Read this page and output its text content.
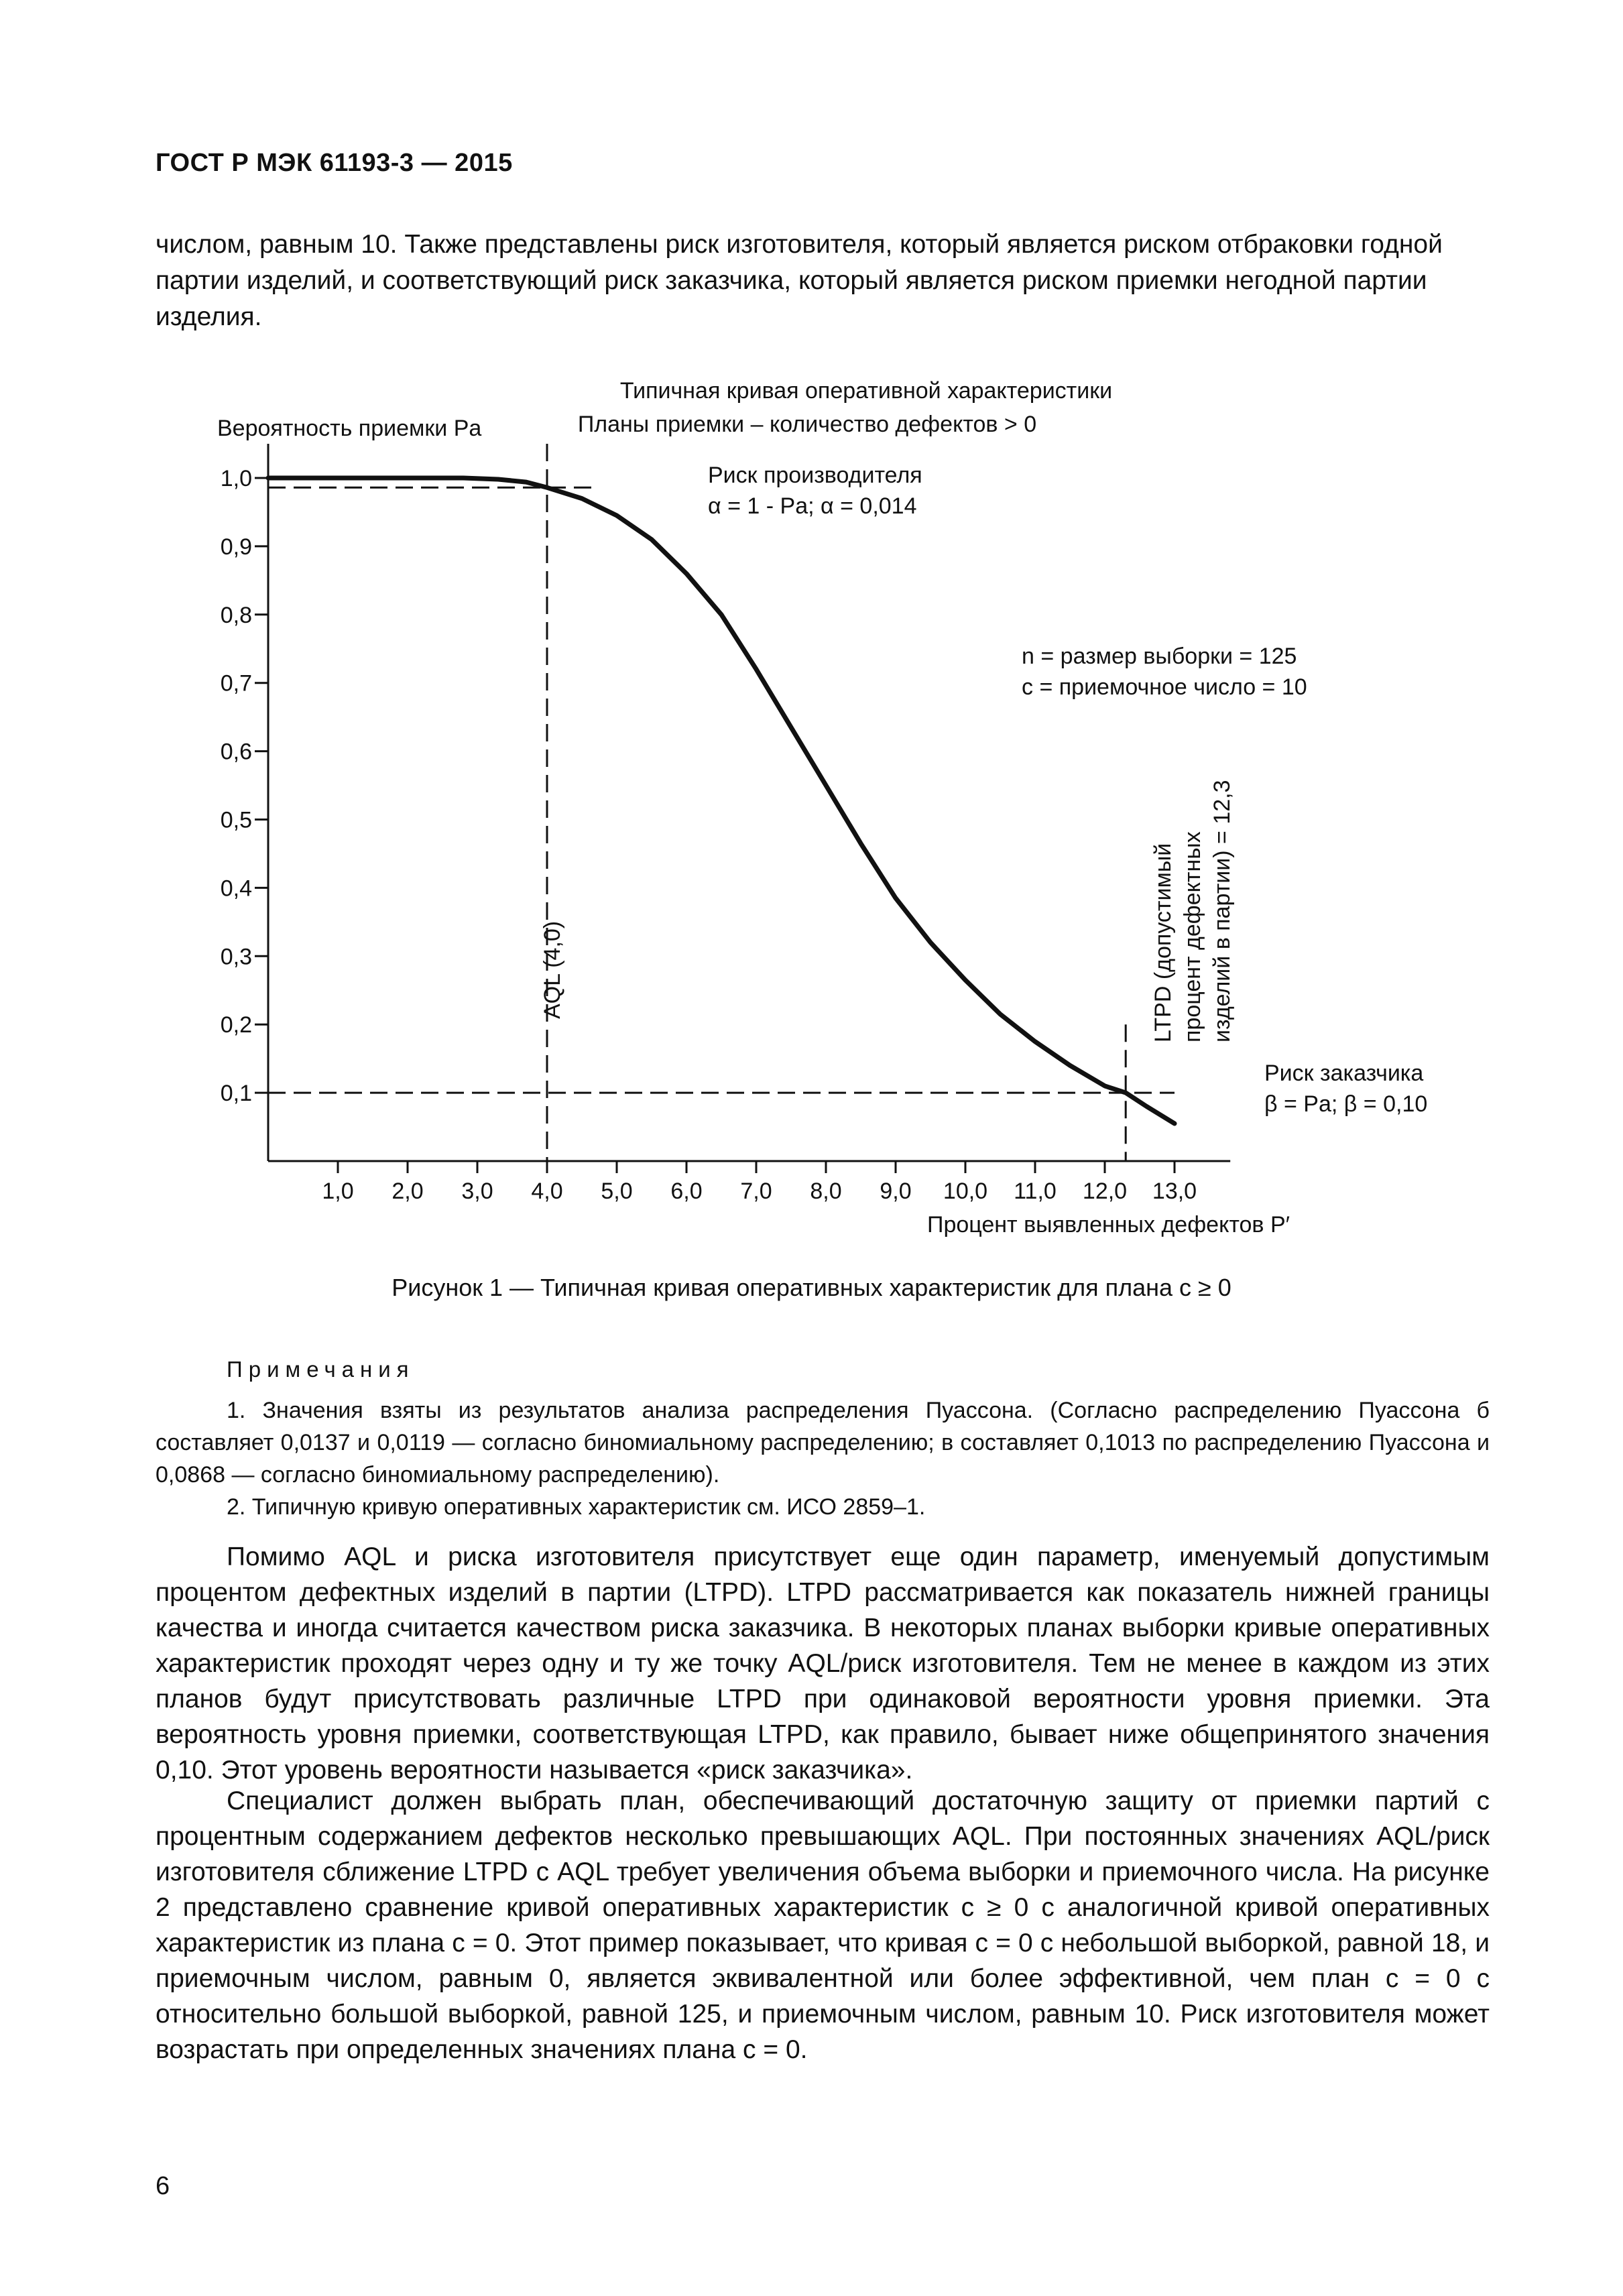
ГОСТ Р МЭК 61193-3 — 2015

числом, равным 10. Также представлены риск изготовителя, который является риском отбраковки годной партии изделий, и соответствующий риск заказчика, который является риском приемки негодной партии изделия.

Типичная кривая оперативной характеристики
Планы приемки – количество дефектов > 0
Вероятность приемки Pa
0,1
0,2
0,3
0,4
0,5
0,6
0,7
0,8
0,9
1,0
1,0 2,0 3,0 4,0 5,0 6,0 7,0 8,0 9,0 10,0 11,0 12,0 13,0
Процент выявленных дефектов P′
Риск производителя
α = 1 - Pa; α = 0,014
n = размер выборки = 125
c = приемочное число = 10
AQL (4,0)	LTPD (допустимый процент дефектных изделий в партии) = 12,3
Риск заказчика
β = Pa; β = 0,10
Рисунок 1 — Типичная кривая оперативных характеристик для плана c ≥ 0
Примечания

1. Значения взяты из результатов анализа распределения Пуассона. (Согласно распределению Пуассона б составляет 0,0137 и 0,0119 — согласно биномиальному распределению; в составляет 0,1013 по распределению Пуассона и 0,0868 — согласно биномиальному распределению).

2. Типичную кривую оперативных характеристик см. ИСО 2859–1.

Помимо AQL и риска изготовителя присутствует еще один параметр, именуемый допустимым процентом дефектных изделий в партии (LTPD). LTPD рассматривается как показатель нижней границы качества и иногда считается качеством риска заказчика. В некоторых планах выборки кривые оперативных характеристик проходят через одну и ту же точку AQL/риск изготовителя. Тем не менее в каждом из этих планов будут присутствовать различные LTPD при одинаковой вероятности уровня приемки. Эта вероятность уровня приемки, соответствующая LTPD, как правило, бывает ниже общепринятого значения 0,10. Этот уровень вероятности называется «риск заказчика».

Специалист должен выбрать план, обеспечивающий достаточную защиту от приемки партий с процентным содержанием дефектов несколько превышающих AQL. При постоянных значениях AQL/риск изготовителя сближение LTPD с AQL требует увеличения объема выборки и приемочного числа. На рисунке 2 представлено сравнение кривой оперативных характеристик c ≥ 0 с аналогичной кривой оперативных характеристик из плана c = 0. Этот пример показывает, что кривая c = 0 с небольшой выборкой, равной 18, и приемочным числом, равным 0, является эквивалентной или более эффективной, чем план c = 0 с относительно большой выборкой, равной 125, и приемочным числом, равным 10. Риск изготовителя может возрастать при определенных значениях плана c = 0.

6
